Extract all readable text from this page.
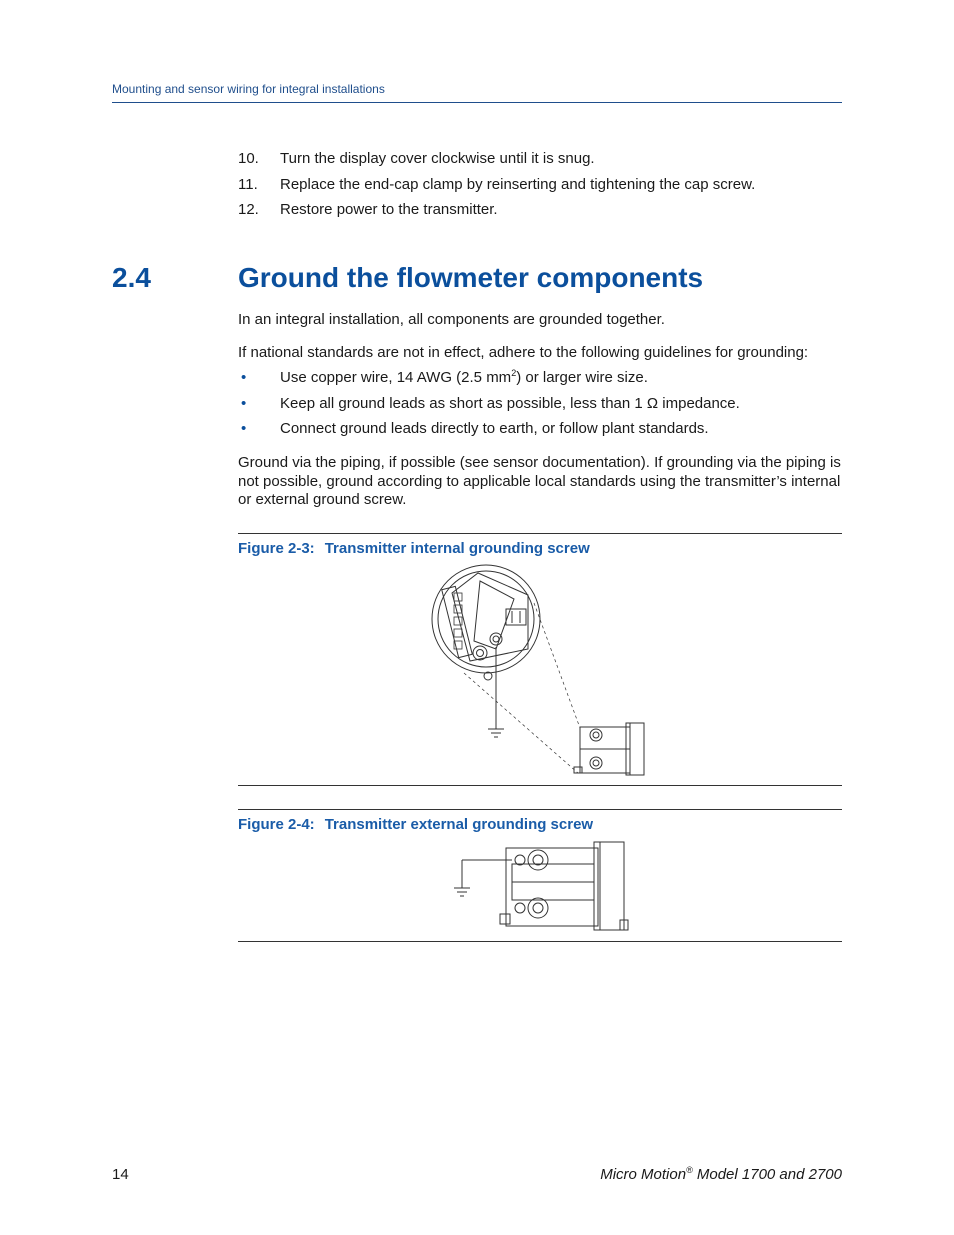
Mounting and sensor wiring for integral installations
10.	Turn the display cover clockwise until it is snug.
11.	Replace the end-cap clamp by reinserting and tightening the cap screw.
12.	Restore power to the transmitter.
2.4	Ground the flowmeter components

In an integral installation, all components are grounded together.

If national standards are not in effect, adhere to the following guidelines for grounding:

•	Use copper wire, 14 AWG (2.5 $mm^2$) or larger wire size.
•	Keep all ground leads as short as possible, less than 1 Ω impedance.
•	Connect ground leads directly to earth, or follow plant standards.

Ground via the piping, if possible (see sensor documentation). If grounding via the piping is not possible, ground according to applicable local standards using the transmitter’s internal or external ground screw.

Figure 2-3: Transmitter internal grounding screw
Figure 2-4: Transmitter external grounding screw
14	Micro Motion® Model 1700 and 2700
